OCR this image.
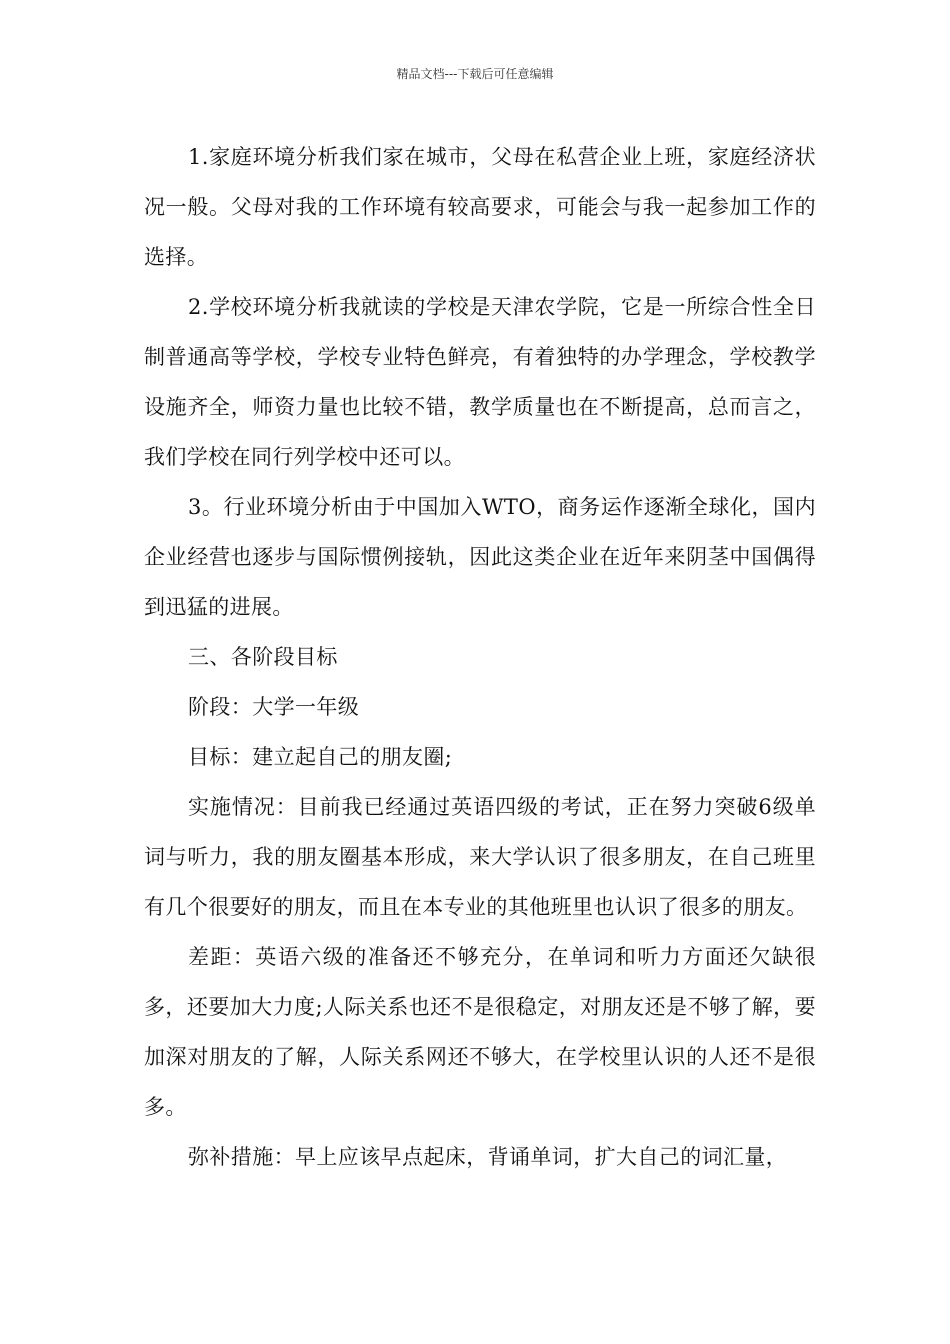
精品文档---下载后可任意编辑

1.家庭环境分析我们家在城市，父母在私营企业上班，家庭经济状况一般。父母对我的工作环境有较高要求，可能会与我一起参加工作的选择。

2.学校环境分析我就读的学校是天津农学院，它是一所综合性全日制普通高等学校，学校专业特色鲜亮，有着独特的办学理念，学校教学设施齐全，师资力量也比较不错，教学质量也在不断提高，总而言之，我们学校在同行列学校中还可以。

3。行业环境分析由于中国加入WTO，商务运作逐渐全球化，国内企业经营也逐步与国际惯例接轨，因此这类企业在近年来阴茎中国偶得到迅猛的进展。

三、各阶段目标

阶段：大学一年级

目标：建立起自己的朋友圈;

实施情况：目前我已经通过英语四级的考试，正在努力突破6级单词与听力，我的朋友圈基本形成，来大学认识了很多朋友，在自己班里有几个很要好的朋友，而且在本专业的其他班里也认识了很多的朋友。

差距：英语六级的准备还不够充分，在单词和听力方面还欠缺很多，还要加大力度;人际关系也还不是很稳定，对朋友还是不够了解，要加深对朋友的了解，人际关系网还不够大，在学校里认识的人还不是很多。

弥补措施：早上应该早点起床，背诵单词，扩大自己的词汇量，
